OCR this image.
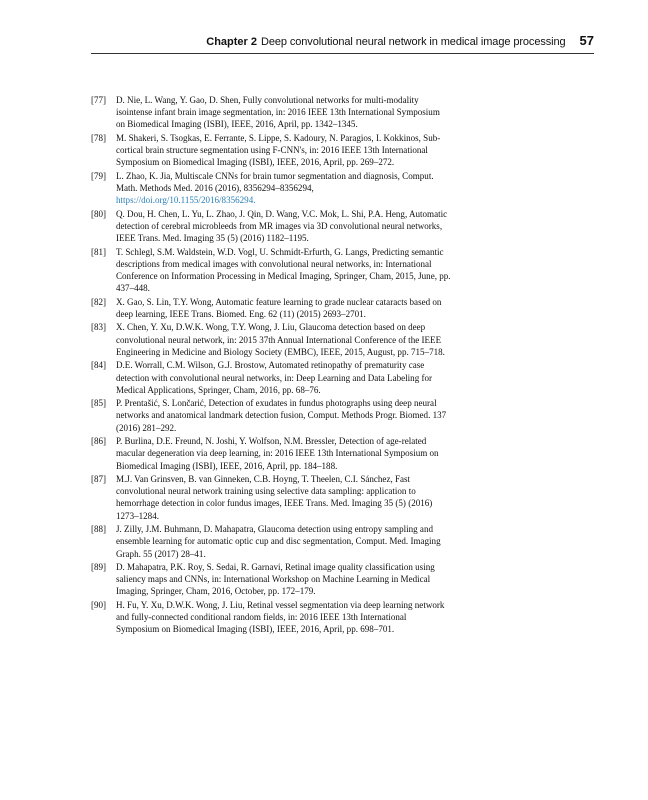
Chapter 2 Deep convolutional neural network in medical image processing 57
[77]	D. Nie, L. Wang, Y. Gao, D. Shen, Fully convolutional networks for multi-modality isointense infant brain image segmentation, in: 2016 IEEE 13th International Symposium on Biomedical Imaging (ISBI), IEEE, 2016, April, pp. 1342–1345.
[78]	M. Shakeri, S. Tsogkas, E. Ferrante, S. Lippe, S. Kadoury, N. Paragios, I. Kokkinos, Sub-cortical brain structure segmentation using F-CNN's, in: 2016 IEEE 13th International Symposium on Biomedical Imaging (ISBI), IEEE, 2016, April, pp. 269–272.
[79]	L. Zhao, K. Jia, Multiscale CNNs for brain tumor segmentation and diagnosis, Comput. Math. Methods Med. 2016 (2016), 8356294–8356294, https://doi.org/10.1155/2016/8356294.
[80]	Q. Dou, H. Chen, L. Yu, L. Zhao, J. Qin, D. Wang, V.C. Mok, L. Shi, P.A. Heng, Automatic detection of cerebral microbleeds from MR images via 3D convolutional neural networks, IEEE Trans. Med. Imaging 35 (5) (2016) 1182–1195.
[81]	T. Schlegl, S.M. Waldstein, W.D. Vogl, U. Schmidt-Erfurth, G. Langs, Predicting semantic descriptions from medical images with convolutional neural networks, in: International Conference on Information Processing in Medical Imaging, Springer, Cham, 2015, June, pp. 437–448.
[82]	X. Gao, S. Lin, T.Y. Wong, Automatic feature learning to grade nuclear cataracts based on deep learning, IEEE Trans. Biomed. Eng. 62 (11) (2015) 2693–2701.
[83]	X. Chen, Y. Xu, D.W.K. Wong, T.Y. Wong, J. Liu, Glaucoma detection based on deep convolutional neural network, in: 2015 37th Annual International Conference of the IEEE Engineering in Medicine and Biology Society (EMBC), IEEE, 2015, August, pp. 715–718.
[84]	D.E. Worrall, C.M. Wilson, G.J. Brostow, Automated retinopathy of prematurity case detection with convolutional neural networks, in: Deep Learning and Data Labeling for Medical Applications, Springer, Cham, 2016, pp. 68–76.
[85]	P. Prentašić, S. Lončarić, Detection of exudates in fundus photographs using deep neural networks and anatomical landmark detection fusion, Comput. Methods Progr. Biomed. 137 (2016) 281–292.
[86]	P. Burlina, D.E. Freund, N. Joshi, Y. Wolfson, N.M. Bressler, Detection of age-related macular degeneration via deep learning, in: 2016 IEEE 13th International Symposium on Biomedical Imaging (ISBI), IEEE, 2016, April, pp. 184–188.
[87]	M.J. Van Grinsven, B. van Ginneken, C.B. Hoyng, T. Theelen, C.I. Sánchez, Fast convolutional neural network training using selective data sampling: application to hemorrhage detection in color fundus images, IEEE Trans. Med. Imaging 35 (5) (2016) 1273–1284.
[88]	J. Zilly, J.M. Buhmann, D. Mahapatra, Glaucoma detection using entropy sampling and ensemble learning for automatic optic cup and disc segmentation, Comput. Med. Imaging Graph. 55 (2017) 28–41.
[89]	D. Mahapatra, P.K. Roy, S. Sedai, R. Garnavi, Retinal image quality classification using saliency maps and CNNs, in: International Workshop on Machine Learning in Medical Imaging, Springer, Cham, 2016, October, pp. 172–179.
[90]	H. Fu, Y. Xu, D.W.K. Wong, J. Liu, Retinal vessel segmentation via deep learning network and fully-connected conditional random fields, in: 2016 IEEE 13th International Symposium on Biomedical Imaging (ISBI), IEEE, 2016, April, pp. 698–701.
